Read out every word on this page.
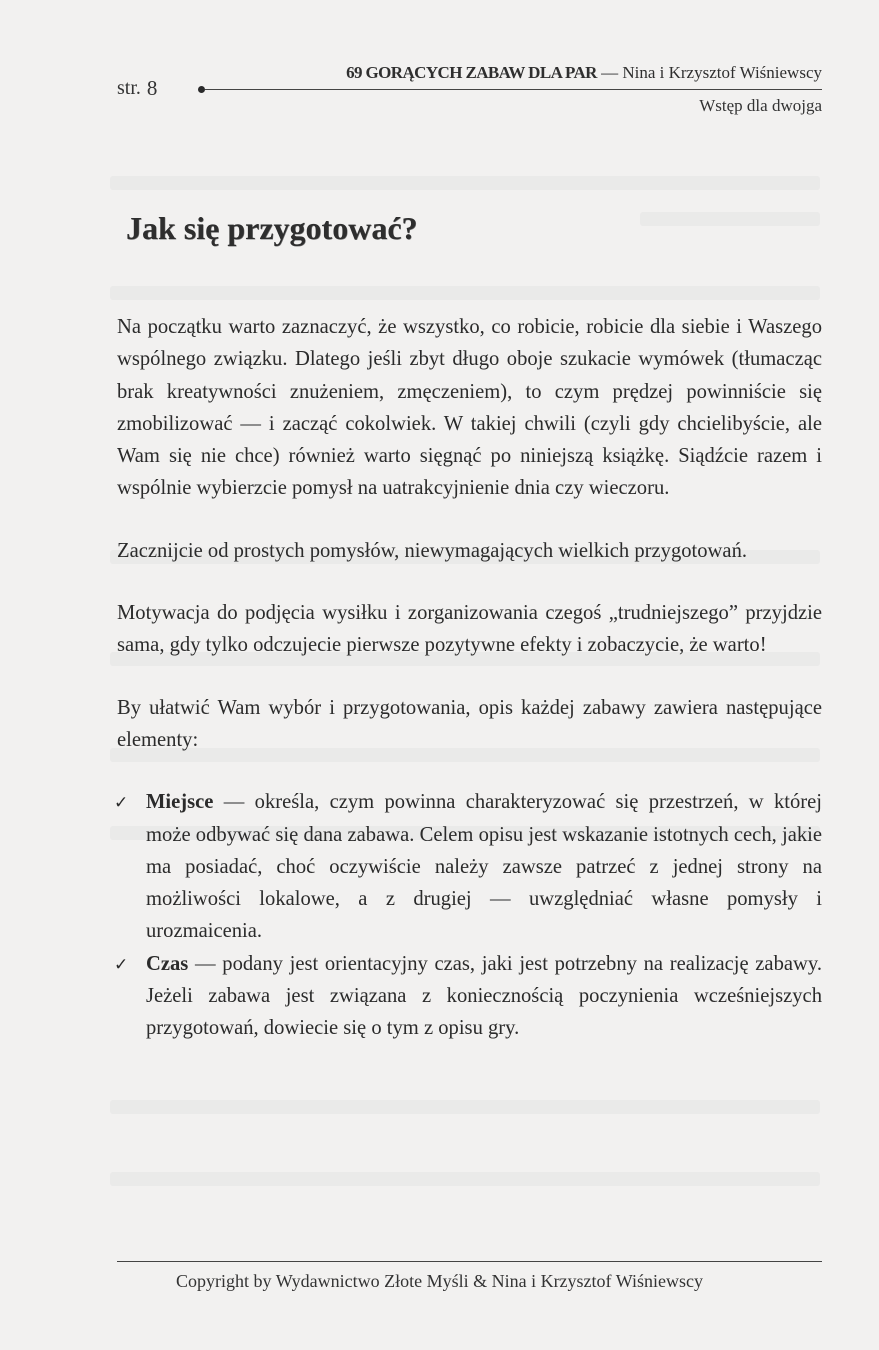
str. 8
69 GORĄCYCH ZABAW DLA PAR — Nina i Krzysztof Wiśniewscy
Wstęp dla dwojga
Jak się przygotować?

Na początku warto zaznaczyć, że wszystko, co robicie, robicie dla siebie i Waszego wspólnego związku. Dlatego jeśli zbyt długo oboje szukacie wymówek (tłumacząc brak kreatywności znużeniem, zmęczeniem), to czym prędzej powinniście się zmobilizować — i zacząć cokolwiek. W takiej chwili (czyli gdy chcielibyście, ale Wam się nie chce) również warto sięgnąć po niniejszą książkę. Siądźcie razem i wspólnie wybierzcie pomysł na uatrakcyjnienie dnia czy wieczoru.

Zacznijcie od prostych pomysłów, niewymagających wielkich przygotowań.

Motywacja do podjęcia wysiłku i zorganizowania czegoś „trudniejszego” przyjdzie sama, gdy tylko odczujecie pierwsze pozytywne efekty i zobaczycie, że warto!

By ułatwić Wam wybór i przygotowania, opis każdej zabawy zawiera następujące elementy:

✓ Miejsce — określa, czym powinna charakteryzować się przestrzeń, w której może odbywać się dana zabawa. Celem opisu jest wskazanie istotnych cech, jakie ma posiadać, choć oczywiście należy zawsze patrzeć z jednej strony na możliwości lokalowe, a z drugiej — uwzględniać własne pomysły i urozmaicenia.
✓ Czas — podany jest orientacyjny czas, jaki jest potrzebny na realizację zabawy. Jeżeli zabawa jest związana z koniecznością poczynienia wcześniejszych przygotowań, dowiecie się o tym z opisu gry.
Copyright by Wydawnictwo Złote Myśli & Nina i Krzysztof Wiśniewscy
